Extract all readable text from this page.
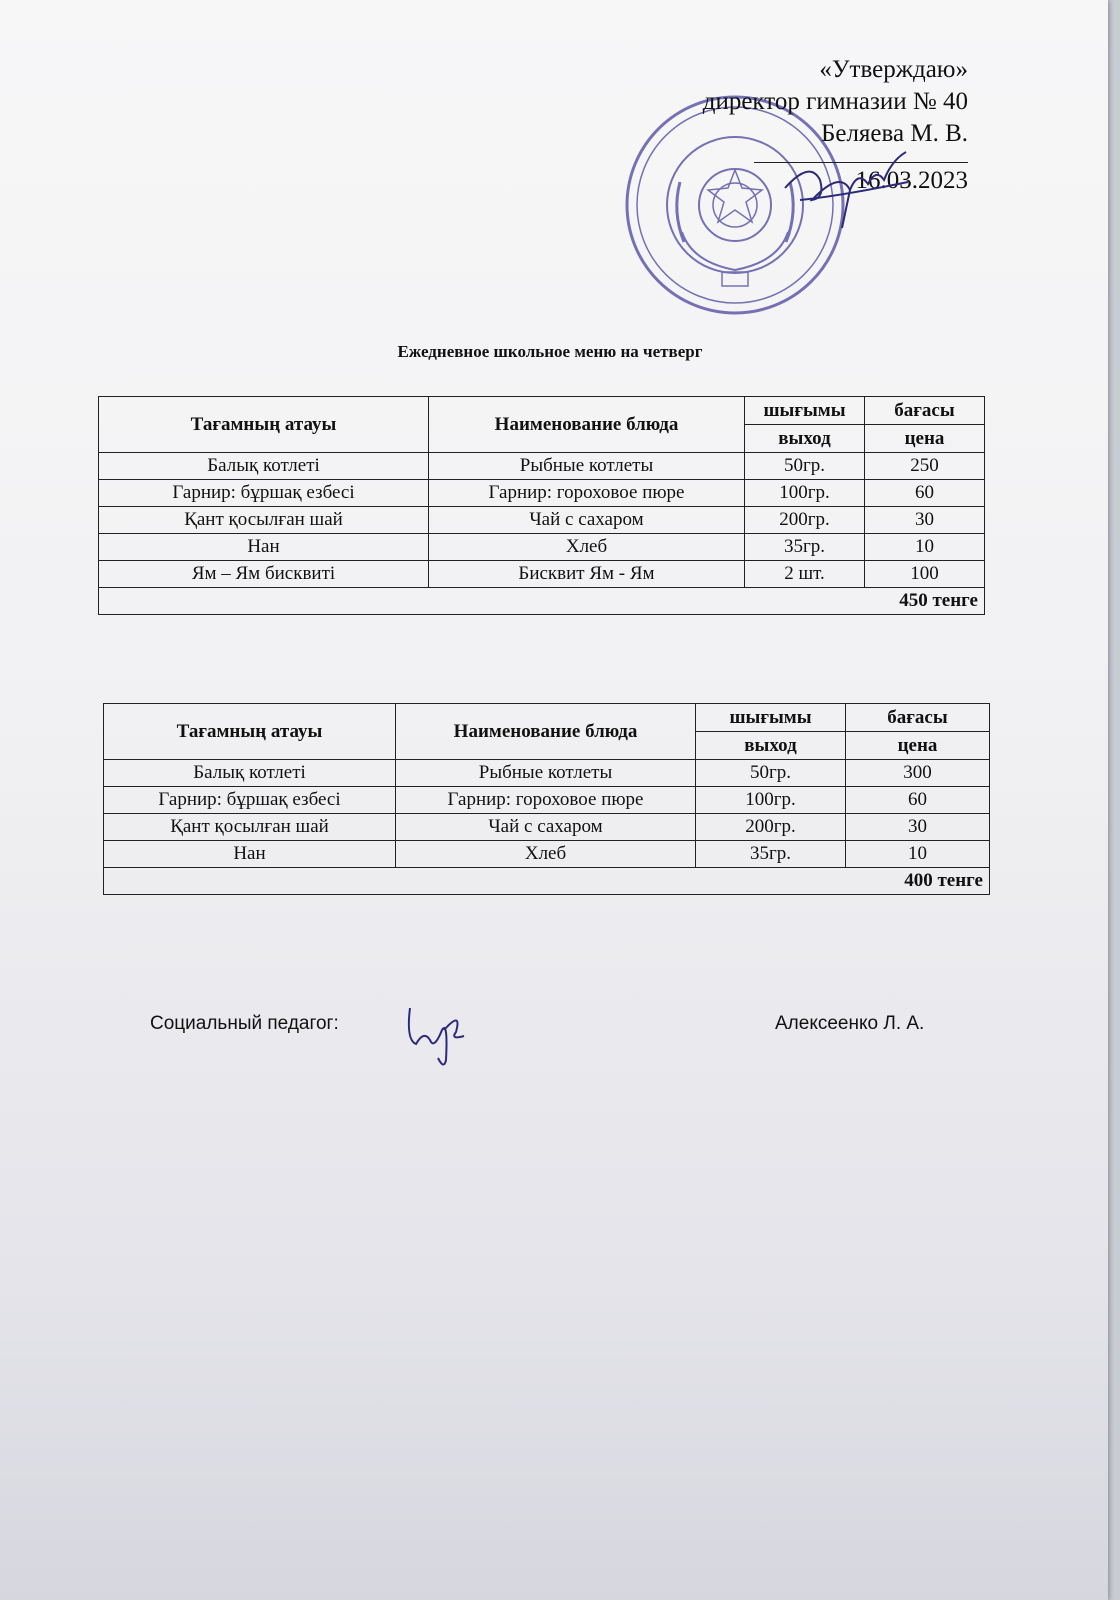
«Утверждаю»
директор гимназии № 40
Беляева М. В.
16.03.2023
Ежедневное школьное меню на четверг
Тағамның атауы	Наименование блюда	шығымы	бағасы
		выход	цена
Балық котлеті	Рыбные котлеты	50гр.	250
Гарнир: бұршақ езбесі	Гарнир: гороховое пюре	100гр.	60
Қант қосылған шай	Чай с сахаром	200гр.	30
Нан	Хлеб	35гр.	10
Ям – Ям бисквиті	Бисквит Ям - Ям	2 шт.	100
450 тенге			
Тағамның атауы	Наименование блюда	шығымы	бағасы
		выход	цена
Балық котлеті	Рыбные котлеты	50гр.	300
Гарнир: бұршақ езбесі	Гарнир: гороховое пюре	100гр.	60
Қант қосылған шай	Чай с сахаром	200гр.	30
Нан	Хлеб	35гр.	10
400 тенге			
Социальный педагог:	Алексеенко Л. А.
